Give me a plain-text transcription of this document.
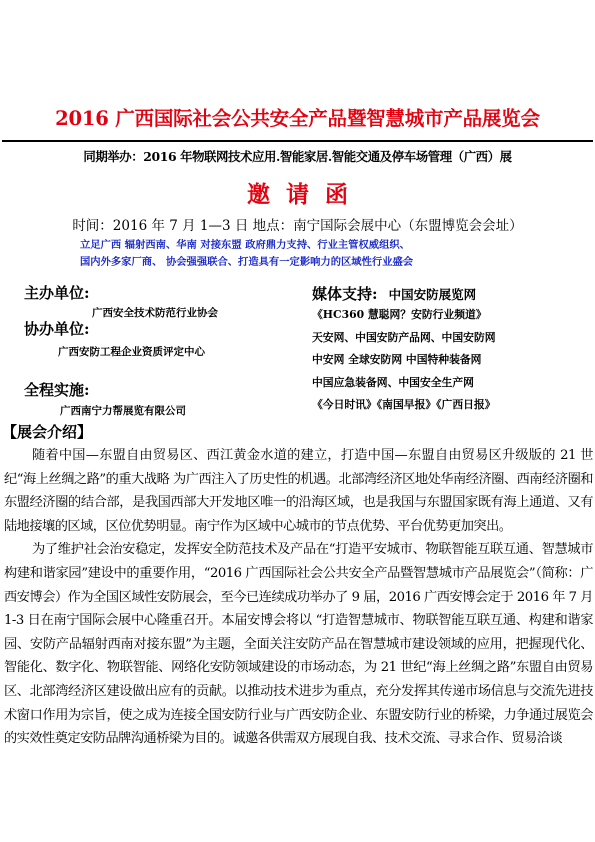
2016 广西国际社会公共安全产品暨智慧城市产品展览会
同期举办：2016 年物联网技术应用.智能家居.智能交通及停车场管理（广西）展
邀请函
时间：2016 年 7 月 1—3 日 地点：南宁国际会展中心（东盟博览会会址）
立足广西 辐射西南、华南 对接东盟 政府鼎力支持、行业主管权威组织、
国内外多家厂商、 协会强强联合、打造具有一定影响力的区域性行业盛会
主办单位:
广西安全技术防范行业协会
协办单位:
广西安防工程企业资质评定中心
全程实施:
广西南宁力帮展览有限公司
媒体支持: 中国安防展览网
《HC360 慧聪网？安防行业频道》
天安网、中国安防产品网、中国安防网
中安网 全球安防网 中国特种装备网
中国应急装备网、中国安全生产网
《今日时讯》《南国早报》《广西日报》
【展会介绍】

随着中国—东盟自由贸易区、西江黄金水道的建立，打造中国—东盟自由贸易区升级版的 21 世纪“海上丝绸之路”的重大战略 为广西注入了历史性的机遇。北部湾经济区地处华南经济圈、西南经济圈和东盟经济圈的结合部，是我国西部大开发地区唯一的沿海区域，也是我国与东盟国家既有海上通道、又有陆地接壤的区域，区位优势明显。南宁作为区域中心城市的节点优势、平台优势更加突出。

为了维护社会治安稳定，发挥安全防范技术及产品在“打造平安城市、物联智能互联互通、智慧城市构建和谐家园”建设中的重要作用，“2016 广西国际社会公共安全产品暨智慧城市产品展览会”（简称：广西安博会）作为全国区域性安防展会，至今已连续成功举办了 9 届，2016 广西安博会定于 2016 年 7 月 1-3 日在南宁国际会展中心隆重召开。本届安博会将以 “打造智慧城市、物联智能互联互通、构建和谐家园、安防产品辐射西南对接东盟”为主题，全面关注安防产品在智慧城市建设领域的应用，把握现代化、智能化、数字化、物联智能、网络化安防领域建设的市场动态，为 21 世纪“海上丝绸之路”东盟自由贸易区、北部湾经济区建设做出应有的贡献。以推动技术进步为重点，充分发挥其传递市场信息与交流先进技术窗口作用为宗旨，使之成为连接全国安防行业与广西安防企业、东盟安防行业的桥梁，力争通过展览会的实效性奠定安防品牌沟通桥梁为目的。诚邀各供需双方展现自我、技术交流、寻求合作、贸易洽谈
